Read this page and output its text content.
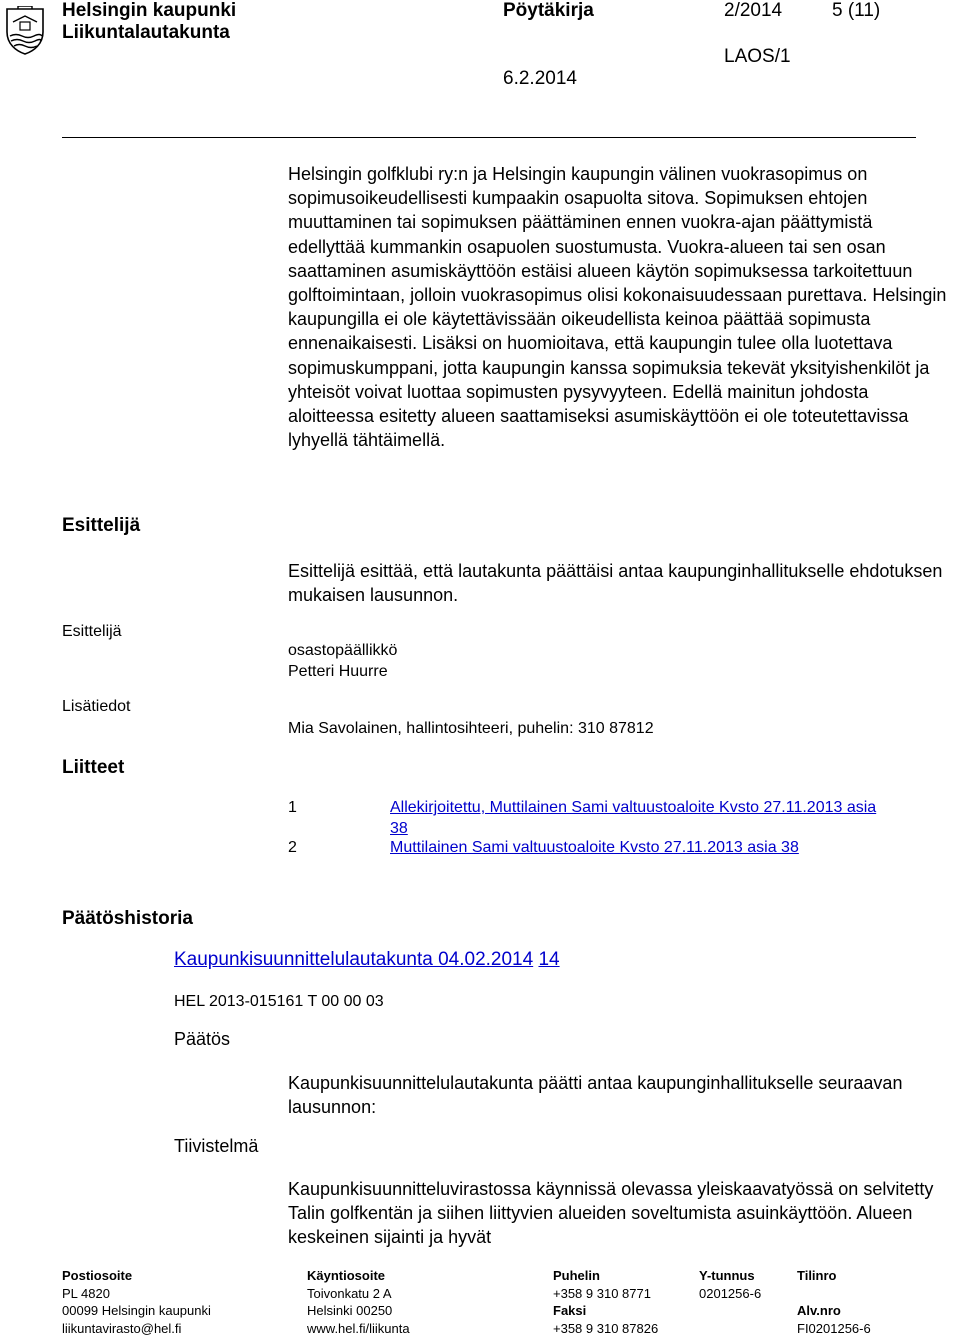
Helsingin kaupunki
Liikuntalautakunta
Pöytäkirja	2/2014	5 (11)
LAOS/1
6.2.2014
Helsingin golfklubi ry:n ja Helsingin kaupungin välinen vuokrasopimus on sopimusoikeudellisesti kumpaakin osapuolta sitova. Sopimuksen ehtojen muuttaminen tai sopimuksen päättäminen ennen vuokra-ajan päättymistä edellyttää kummankin osapuolen suostumusta. Vuokra-alueen tai sen osan saattaminen asumiskäyttöön estäisi alueen käytön sopimuksessa tarkoitettuun golftoimintaan, jolloin vuokrasopimus olisi kokonaisuudessaan purettava. Helsingin kaupungilla ei ole käytettävissään oikeudellista keinoa päättää sopimusta ennenaikaisesti. Lisäksi on huomioitava, että kaupungin tulee olla luotettava sopimuskumppani, jotta kaupungin kanssa sopimuksia tekevät yksityishenkilöt ja yhteisöt voivat luottaa sopimusten pysyvyyteen. Edellä mainitun johdosta aloitteessa esitetty alueen saattamiseksi asumiskäyttöön ei ole toteutettavissa lyhyellä tähtäimellä.
Esittelijä
Esittelijä esittää, että lautakunta päättäisi antaa kaupunginhallitukselle ehdotuksen mukaisen lausunnon.
Esittelijä
osastopäällikkö
Petteri Huurre
Lisätiedot
Mia Savolainen, hallintosihteeri, puhelin: 310 87812
Liitteet
1	Allekirjoitettu, Muttilainen Sami valtuustoaloite Kvsto 27.11.2013 asia
38
2	Muttilainen Sami valtuustoaloite Kvsto 27.11.2013 asia 38
Päätöshistoria
Kaupunkisuunnittelulautakunta 04.02.2014 14
HEL 2013-015161 T 00 00 03
Päätös
Kaupunkisuunnittelulautakunta päätti antaa kaupunginhallitukselle seuraavan lausunnon:
Tiivistelmä
Kaupunkisuunnitteluvirastossa käynnissä olevassa yleiskaavatyössä on selvitetty Talin golfkentän ja siihen liittyvien alueiden soveltumista asuinkäyttöön. Alueen keskeinen sijainti ja hyvät
Postiosoite
PL 4820
00099 Helsingin kaupunki
liikuntavirasto@hel.fi
Käyntiosoite
Toivonkatu 2 A
Helsinki 00250
www.hel.fi/liikunta
Puhelin
+358 9 310 8771
Faksi
+358 9 310 87826
Y-tunnus
0201256-6
Tilinro

Alv.nro
FI0201256-6
